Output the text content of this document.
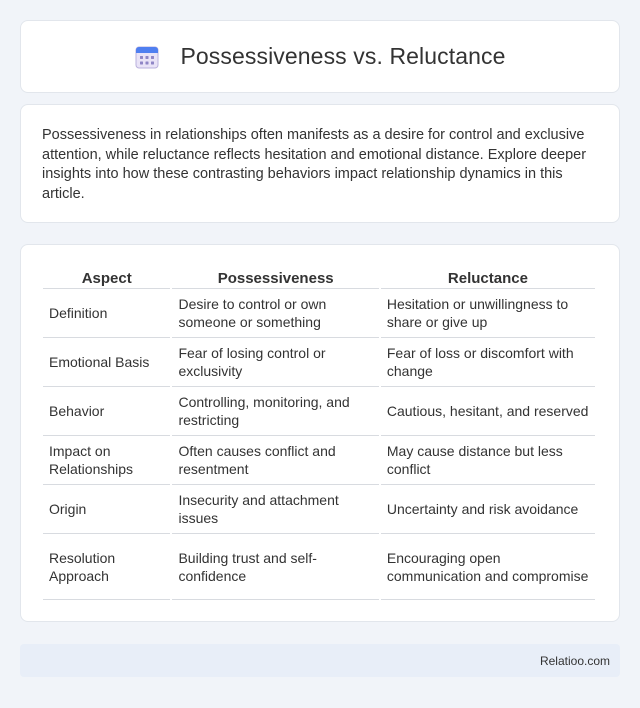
Possessiveness vs. Reluctance

Possessiveness in relationships often manifests as a desire for control and exclusive attention, while reluctance reflects hesitation and emotional distance. Explore deeper insights into how these contrasting behaviors impact relationship dynamics in this article.

Aspect	Possessiveness	Reluctance
Definition	Desire to control or own someone or something	Hesitation or unwillingness to share or give up
Emotional Basis	Fear of losing control or exclusivity	Fear of loss or discomfort with change
Behavior	Controlling, monitoring, and restricting	Cautious, hesitant, and reserved
Impact on Relationships	Often causes conflict and resentment	May cause distance but less conflict
Origin	Insecurity and attachment issues	Uncertainty and risk avoidance
Resolution Approach	Building trust and self-confidence	Encouraging open communication and compromise
Relatioo.com
